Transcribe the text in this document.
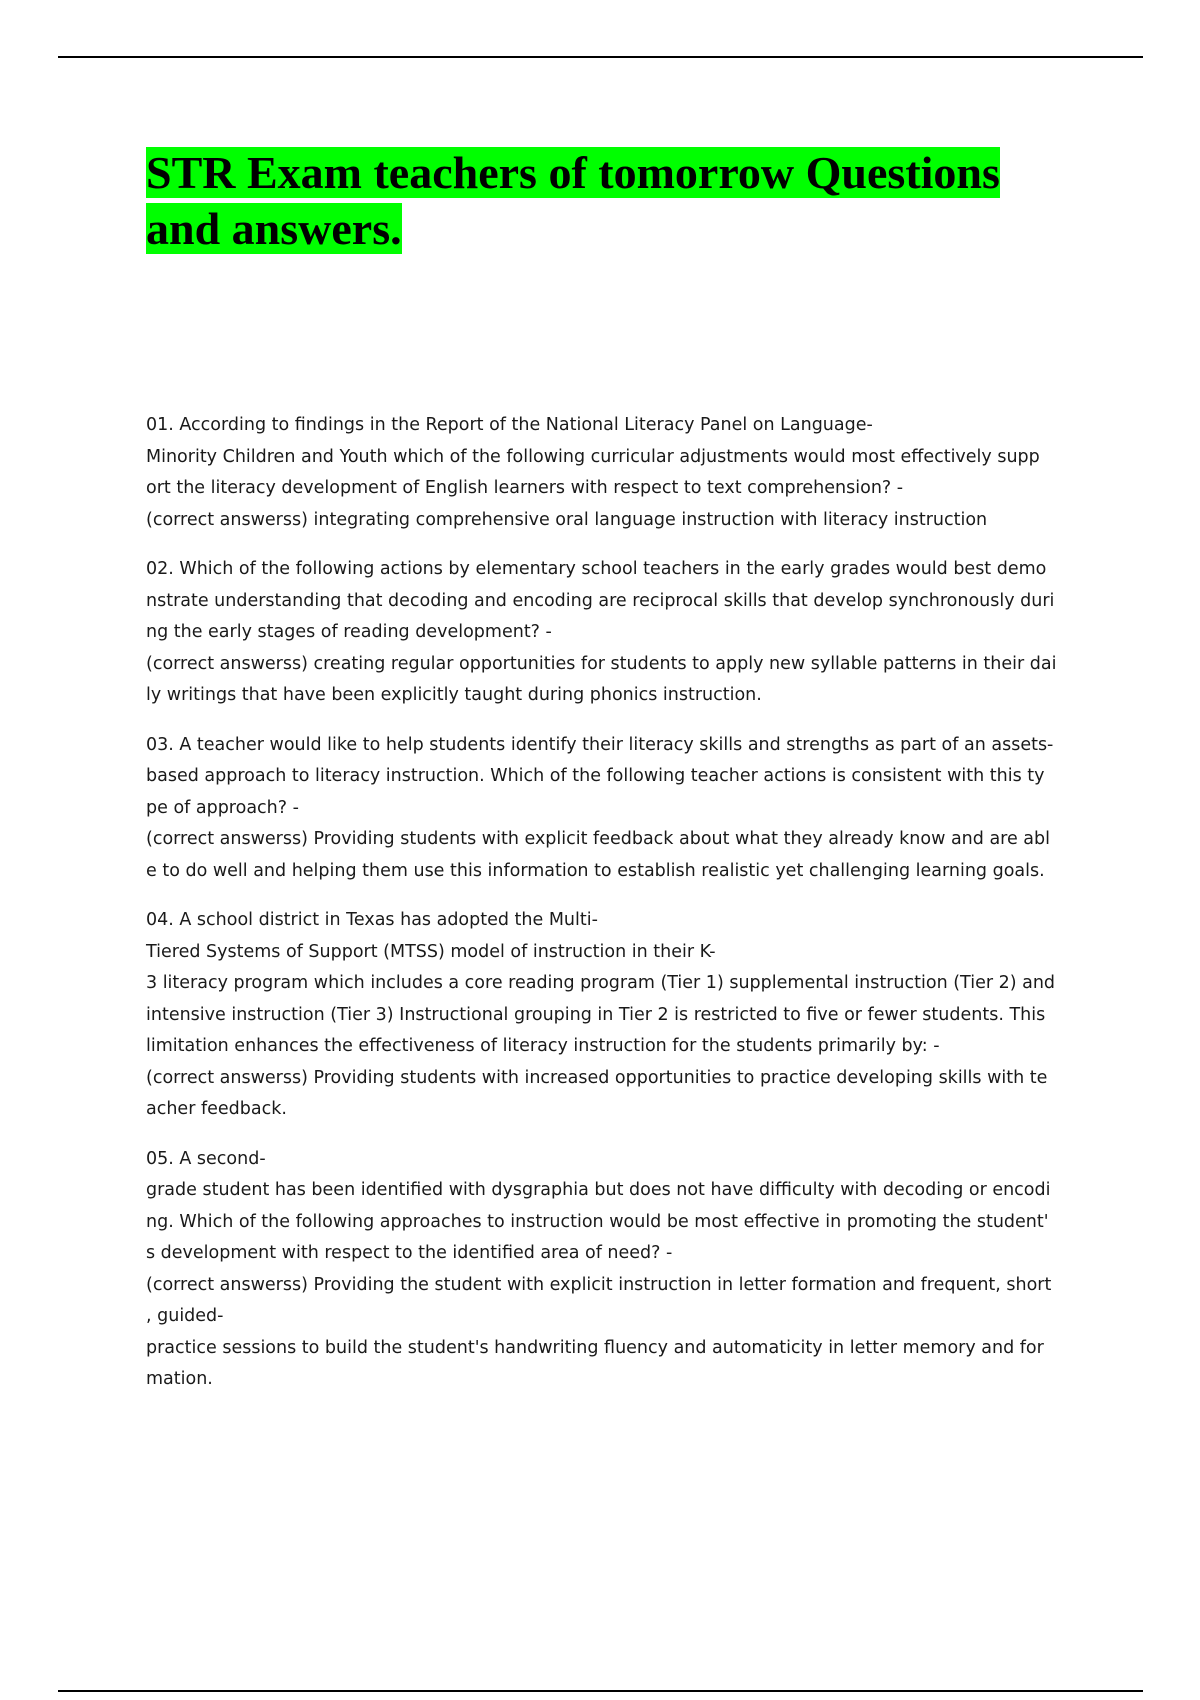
STR Exam teachers of tomorrow Questions and answers.
01. According to findings in the Report of the National Literacy Panel on Language-
Minority Children and Youth which of the following curricular adjustments would most effectively supp
ort the literacy development of English learners with respect to text comprehension? -
(correct answerss) integrating comprehensive oral language instruction with literacy instruction
02. Which of the following actions by elementary school teachers in the early grades would best demo
nstrate understanding that decoding and encoding are reciprocal skills that develop synchronously duri
ng the early stages of reading development? -
(correct answerss) creating regular opportunities for students to apply new syllable patterns in their dai
ly writings that have been explicitly taught during phonics instruction.
03. A teacher would like to help students identify their literacy skills and strengths as part of an assets-
based approach to literacy instruction. Which of the following teacher actions is consistent with this ty
pe of approach? -
(correct answerss) Providing students with explicit feedback about what they already know and are abl
e to do well and helping them use this information to establish realistic yet challenging learning goals.
04. A school district in Texas has adopted the Multi-
Tiered Systems of Support (MTSS) model of instruction in their K-
3 literacy program which includes a core reading program (Tier 1) supplemental instruction (Tier 2) and
intensive instruction (Tier 3) Instructional grouping in Tier 2 is restricted to five or fewer students. This
limitation enhances the effectiveness of literacy instruction for the students primarily by: -
(correct answerss) Providing students with increased opportunities to practice developing skills with te
acher feedback.
05. A second-
grade student has been identified with dysgraphia but does not have difficulty with decoding or encodi
ng. Which of the following approaches to instruction would be most effective in promoting the student'
s development with respect to the identified area of need? -
(correct answerss) Providing the student with explicit instruction in letter formation and frequent, short
, guided-
practice sessions to build the student's handwriting fluency and automaticity in letter memory and for
mation.
